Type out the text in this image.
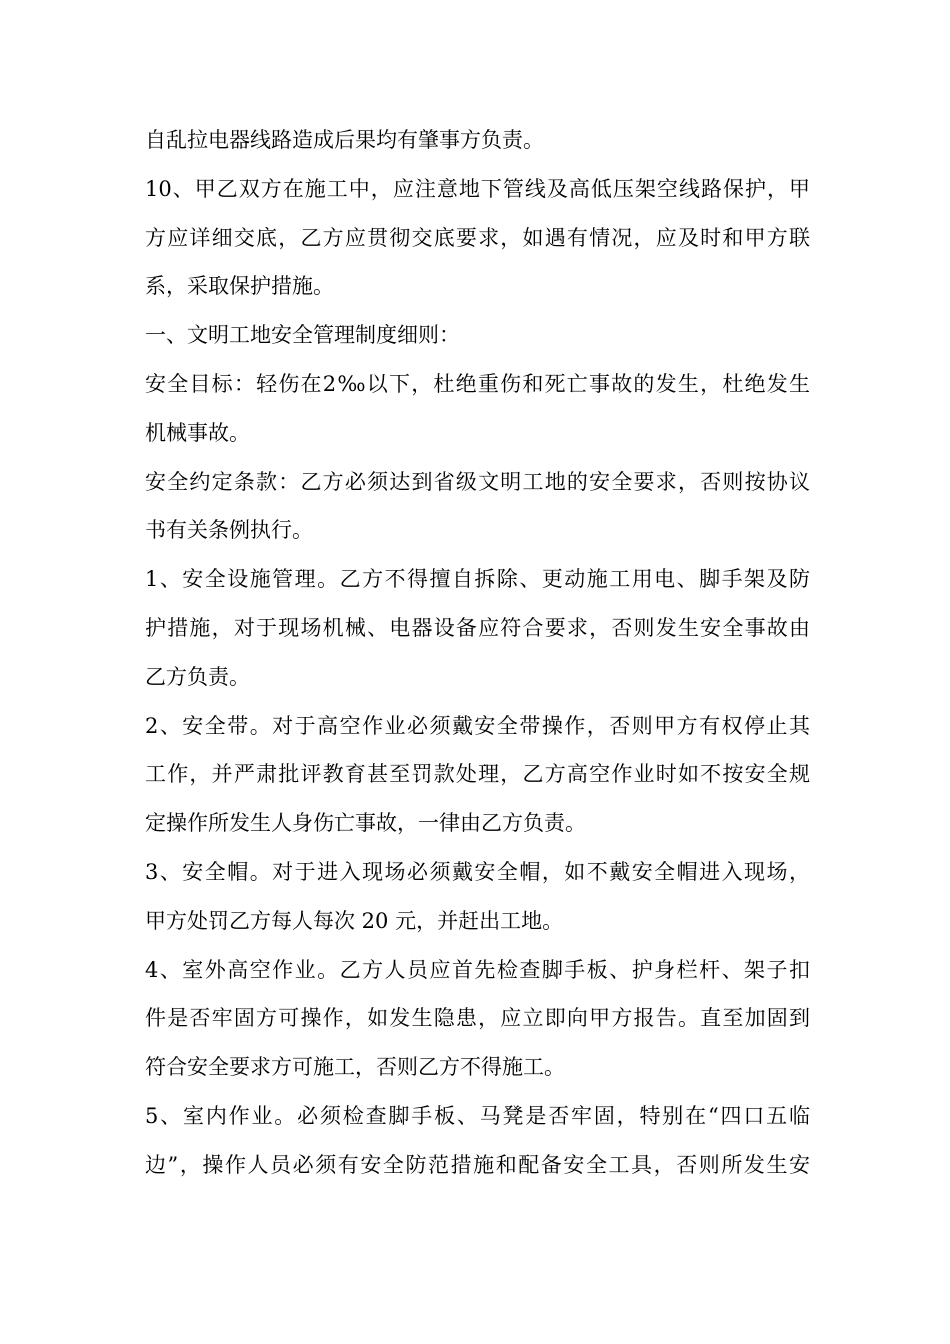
自乱拉电器线路造成后果均有肇事方负责。
10、甲乙双方在施工中，应注意地下管线及高低压架空线路保护，甲
方应详细交底，乙方应贯彻交底要求，如遇有情况，应及时和甲方联
系，采取保护措施。
一、文明工地安全管理制度细则：
安全目标：轻伤在2‰以下，杜绝重伤和死亡事故的发生，杜绝发生
机械事故。
安全约定条款：乙方必须达到省级文明工地的安全要求，否则按协议
书有关条例执行。
1、安全设施管理。乙方不得擅自拆除、更动施工用电、脚手架及防
护措施，对于现场机械、电器设备应符合要求，否则发生安全事故由
乙方负责。
2、安全带。对于高空作业必须戴安全带操作，否则甲方有权停止其
工作，并严肃批评教育甚至罚款处理，乙方高空作业时如不按安全规
定操作所发生人身伤亡事故，一律由乙方负责。
3、安全帽。对于进入现场必须戴安全帽，如不戴安全帽进入现场，
甲方处罚乙方每人每次 20 元，并赶出工地。
4、室外高空作业。乙方人员应首先检查脚手板、护身栏杆、架子扣
件是否牢固方可操作，如发生隐患，应立即向甲方报告。直至加固到
符合安全要求方可施工，否则乙方不得施工。
5、室内作业。必须检查脚手板、马凳是否牢固，特别在“四口五临
边”，操作人员必须有安全防范措施和配备安全工具，否则所发生安
